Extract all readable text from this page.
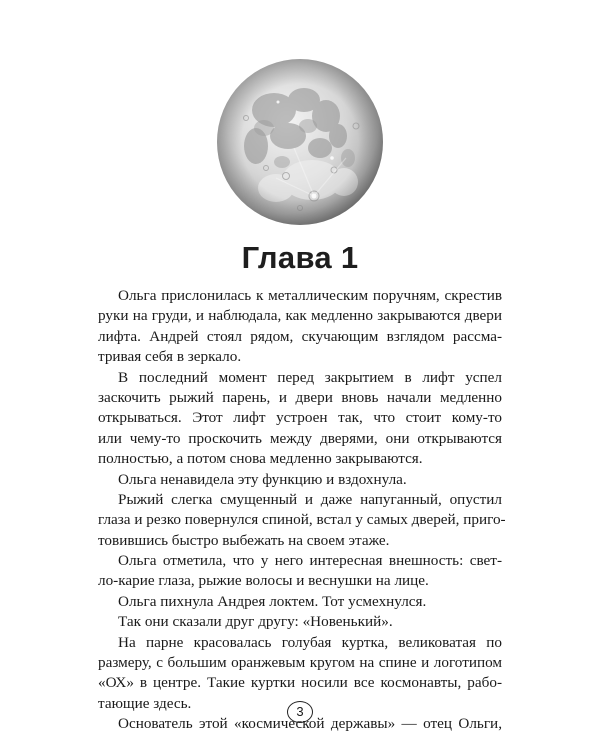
Глава 1
Ольга прислонилась к металлическим поручням, скрестив
руки на груди, и наблюдала, как медленно закрываются двери
лифта. Андрей стоял рядом, скучающим взглядом рассма-
тривая себя в зеркало.
В последний момент перед закрытием в лифт успел
заскочить рыжий парень, и двери вновь начали медленно
открываться. Этот лифт устроен так, что стоит кому-то
или чему-то проскочить между дверями, они открываются
полностью, а потом снова медленно закрываются.
Ольга ненавидела эту функцию и вздохнула.
Рыжий слегка смущенный и даже напуганный, опустил
глаза и резко повернулся спиной, встал у самых дверей, приго-
товившись быстро выбежать на своем этаже.
Ольга отметила, что у него интересная внешность: свет-
ло-карие глаза, рыжие волосы и веснушки на лице.
Ольга пихнула Андрея локтем. Тот усмехнулся.
Так они сказали друг другу: «Новенький».
На парне красовалась голубая куртка, великоватая по
размеру, с большим оранжевым кругом на спине и логотипом
«ОХ» в центре. Такие куртки носили все космонавты, рабо-
тающие здесь.
Основатель этой «космической державы» — отец Ольги,
3
